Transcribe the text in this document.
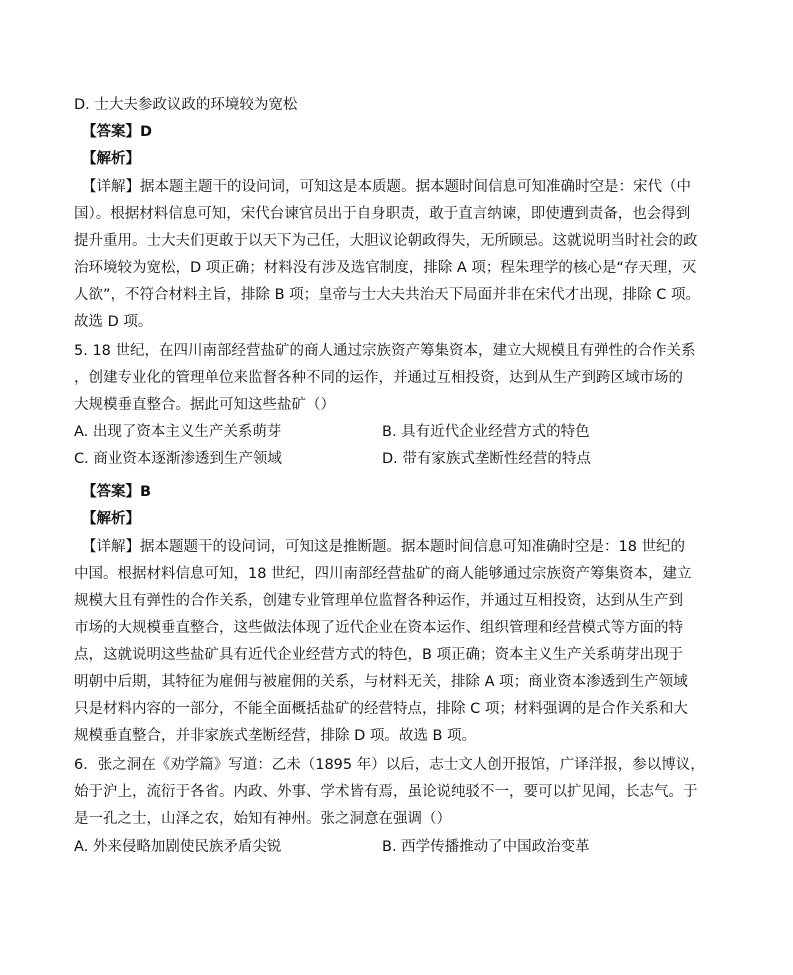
D. 士大夫参政议政的环境较为宽松
【答案】D
【解析】
【详解】据本题主题干的设问词，可知这是本质题。据本题时间信息可知准确时空是：宋代（中
国）。根据材料信息可知，宋代台谏官员出于自身职责，敢于直言纳谏，即使遭到责备，也会得到
提升重用。士大夫们更敢于以天下为己任，大胆议论朝政得失，无所顾忌。这就说明当时社会的政
治环境较为宽松，D 项正确；材料没有涉及选官制度，排除 A 项；程朱理学的核心是“存天理，灭
人欲”，不符合材料主旨，排除 B 项；皇帝与士大夫共治天下局面并非在宋代才出现，排除 C 项。
故选 D 项。
5. 18 世纪，在四川南部经营盐矿的商人通过宗族资产筹集资本，建立大规模且有弹性的合作关系
，创建专业化的管理单位来监督各种不同的运作，并通过互相投资，达到从生产到跨区域市场的
大规模垂直整合。据此可知这些盐矿（）
A. 出现了资本主义生产关系萌芽	B. 具有近代企业经营方式的特色
C. 商业资本逐渐渗透到生产领域	D. 带有家族式垄断性经营的特点
【答案】B
【解析】
【详解】据本题题干的设问词，可知这是推断题。据本题时间信息可知准确时空是：18 世纪的
中国。根据材料信息可知，18 世纪，四川南部经营盐矿的商人能够通过宗族资产筹集资本，建立
规模大且有弹性的合作关系，创建专业管理单位监督各种运作，并通过互相投资，达到从生产到
市场的大规模垂直整合，这些做法体现了近代企业在资本运作、组织管理和经营模式等方面的特
点，这就说明这些盐矿具有近代企业经营方式的特色，B 项正确；资本主义生产关系萌芽出现于
明朝中后期，其特征为雇佣与被雇佣的关系，与材料无关，排除 A 项；商业资本渗透到生产领域
只是材料内容的一部分，不能全面概括盐矿的经营特点，排除 C 项；材料强调的是合作关系和大
规模垂直整合，并非家族式垄断经营，排除 D 项。故选 B 项。
6．张之洞在《劝学篇》写道：乙未（1895 年）以后，志士文人创开报馆，广译洋报，参以博议，
始于沪上，流衍于各省。内政、外事、学术皆有焉，虽论说纯驳不一，要可以扩见闻，长志气。于
是一孔之士，山泽之农，始知有神州。张之洞意在强调（）
A. 外来侵略加剧使民族矛盾尖锐	B. 西学传播推动了中国政治变革
